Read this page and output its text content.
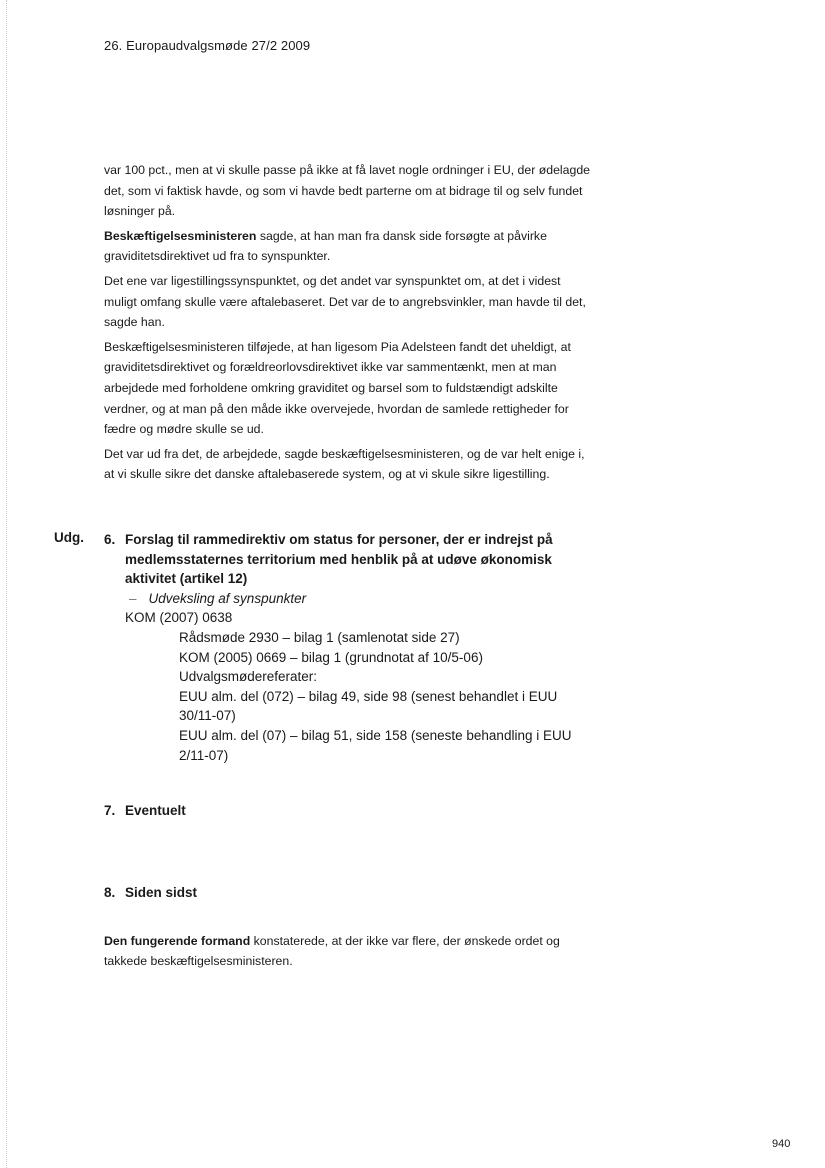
26. Europaudvalgsmøde 27/2 2009

var 100 pct., men at vi skulle passe på ikke at få lavet nogle ordninger i EU, der ødelagde det, som vi faktisk havde, og som vi havde bedt parterne om at bidrage til og selv fundet løsninger på.

Beskæftigelsesministeren sagde, at han man fra dansk side forsøgte at påvirke graviditetsdirektivet ud fra to synspunkter.

Det ene var ligestillingssynspunktet, og det andet var synspunktet om, at det i videst muligt omfang skulle være aftalebaseret. Det var de to angrebsvinkler, man havde til det, sagde han.

Beskæftigelsesministeren tilføjede, at han ligesom Pia Adelsteen fandt det uheldigt, at graviditetsdirektivet og forældreorlovsdirektivet ikke var sammentænkt, men at man arbejdede med forholdene omkring graviditet og barsel som to fuldstændigt adskilte verdner, og at man på den måde ikke overvejede, hvordan de samlede rettigheder for fædre og mødre skulle se ud.

Det var ud fra det, de arbejdede, sagde beskæftigelsesministeren, og de var helt enige i, at vi skulle sikre det danske aftalebaserede system, og at vi skule sikre ligestilling.

Udg. 6. Forslag til rammedirektiv om status for personer, der er indrejst på medlemsstaternes territorium med henblik på at udøve økonomisk aktivitet (artikel 12)
– Udveksling af synspunkter
KOM (2007) 0638
Rådsmøde 2930 – bilag 1 (samlenotat side 27)
KOM (2005) 0669 – bilag 1 (grundnotat af 10/5-06)
Udvalgsmødereferater:
EUU alm. del (072) – bilag 49, side 98 (senest behandlet i EUU 30/11-07)
EUU alm. del (07) – bilag 51, side 158 (seneste behandling i EUU 2/11-07)
7. Eventuelt
8. Siden sidst
Den fungerende formand konstaterede, at der ikke var flere, der ønskede ordet og takkede beskæftigelsesministeren.
940
